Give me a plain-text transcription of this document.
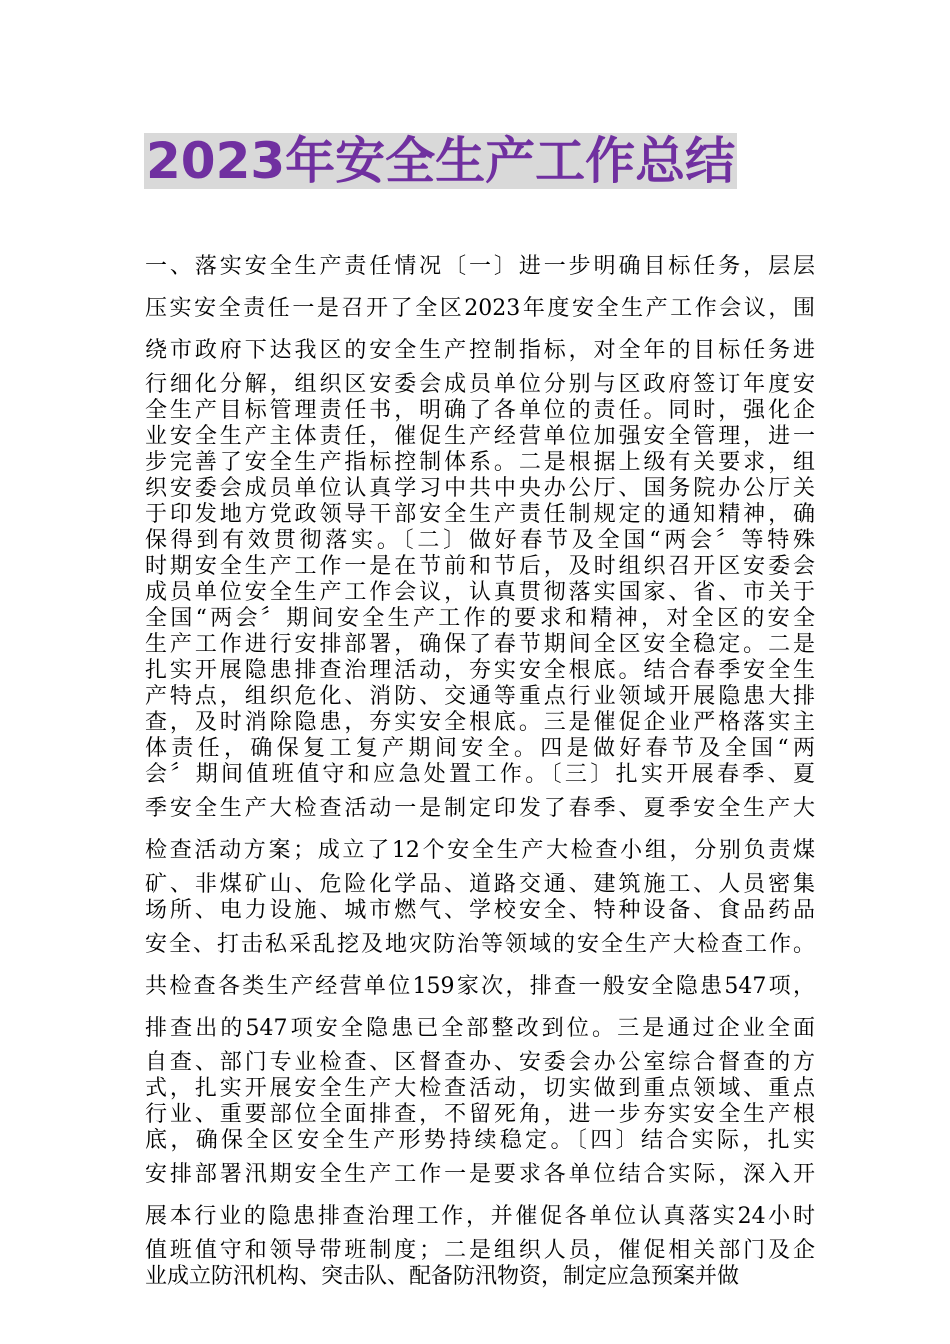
2023年安全生产工作总结
一、落实安全生产责任情况〔一〕进一步明确目标任务，层层
压实安全责任一是召开了全区2023年度安全生产工作会议，围
绕市政府下达我区的安全生产控制指标，对全年的目标任务进
行细化分解，组织区安委会成员单位分别与区政府签订年度安
全生产目标管理责任书，明确了各单位的责任。同时，强化企
业安全生产主体责任，催促生产经营单位加强安全管理，进一
步完善了安全生产指标控制体系。二是根据上级有关要求，组
织安委会成员单位认真学习中共中央办公厅、国务院办公厅关
于印发地方党政领导干部安全生产责任制规定的通知精神，确
保得到有效贯彻落实。〔二〕做好春节及全国“两会〞等特殊
时期安全生产工作一是在节前和节后，及时组织召开区安委会
成员单位安全生产工作会议，认真贯彻落实国家、省、市关于
全国“两会〞期间安全生产工作的要求和精神，对全区的安全
生产工作进行安排部署，确保了春节期间全区安全稳定。二是
扎实开展隐患排查治理活动，夯实安全根底。结合春季安全生
产特点，组织危化、消防、交通等重点行业领域开展隐患大排
查，及时消除隐患，夯实安全根底。三是催促企业严格落实主
体责任，确保复工复产期间安全。四是做好春节及全国“两
会〞期间值班值守和应急处置工作。〔三〕扎实开展春季、夏
季安全生产大检查活动一是制定印发了春季、夏季安全生产大
检查活动方案；成立了12个安全生产大检查小组，分别负责煤
矿、非煤矿山、危险化学品、道路交通、建筑施工、人员密集
场所、电力设施、城市燃气、学校安全、特种设备、食品药品
安全、打击私采乱挖及地灾防治等领域的安全生产大检查工作。
共检查各类生产经营单位159家次，排查一般安全隐患547项，
排查出的547项安全隐患已全部整改到位。三是通过企业全面
自查、部门专业检查、区督查办、安委会办公室综合督查的方
式，扎实开展安全生产大检查活动，切实做到重点领域、重点
行业、重要部位全面排查，不留死角，进一步夯实安全生产根
底，确保全区安全生产形势持续稳定。〔四〕结合实际，扎实
安排部署汛期安全生产工作一是要求各单位结合实际，深入开
展本行业的隐患排查治理工作，并催促各单位认真落实24小时
值班值守和领导带班制度；二是组织人员，催促相关部门及企
业成立防汛机构、突击队、配备防汛物资，制定应急预案并做
